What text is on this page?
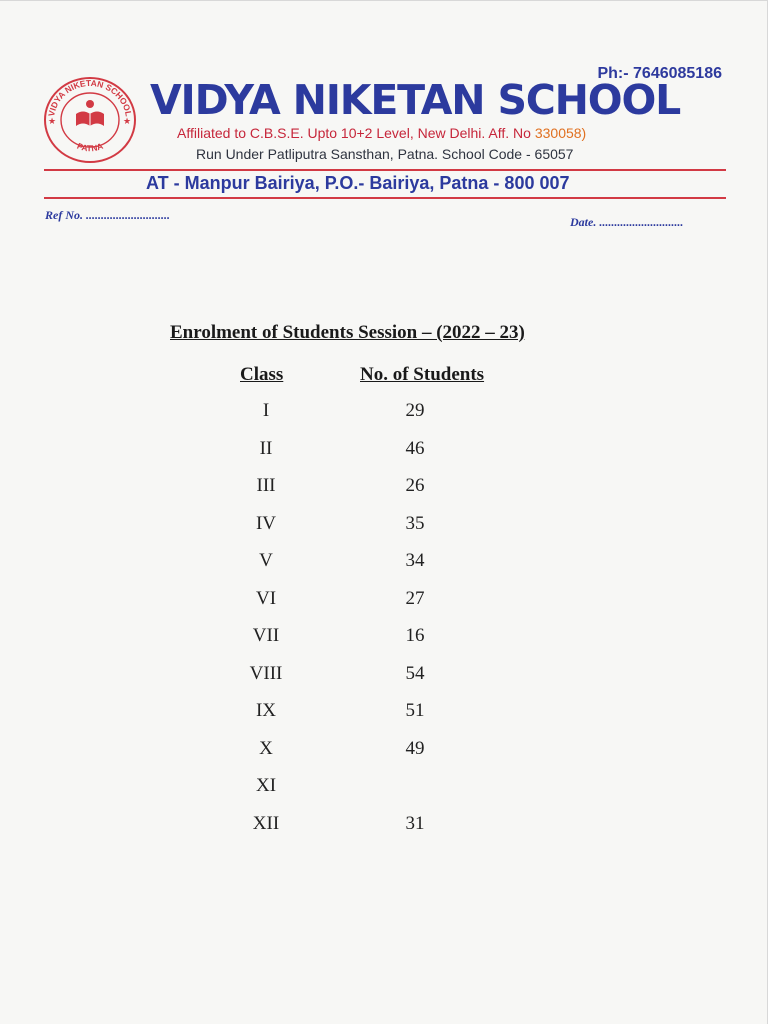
VIDYA NIKETAN SCHOOL
PATNA
★	★
Ph:- 7646085186
VIDYA NIKETAN SCHOOL
Affiliated to C.B.S.E. Upto 10+2 Level, New Delhi. Aff. No 330058)
Run Under Patliputra Sansthan, Patna. School Code - 65057
AT - Manpur Bairiya, P.O.- Bairiya, Patna - 800 007
Ref No. ............................	Date. ............................
Enrolment of Students Session – (2022 – 23)
Class	No. of Students
I	29
II	46
III	26
IV	35
V	34
VI	27
VII	16
VIII	54
IX	51
X	49
XI
XII	31
